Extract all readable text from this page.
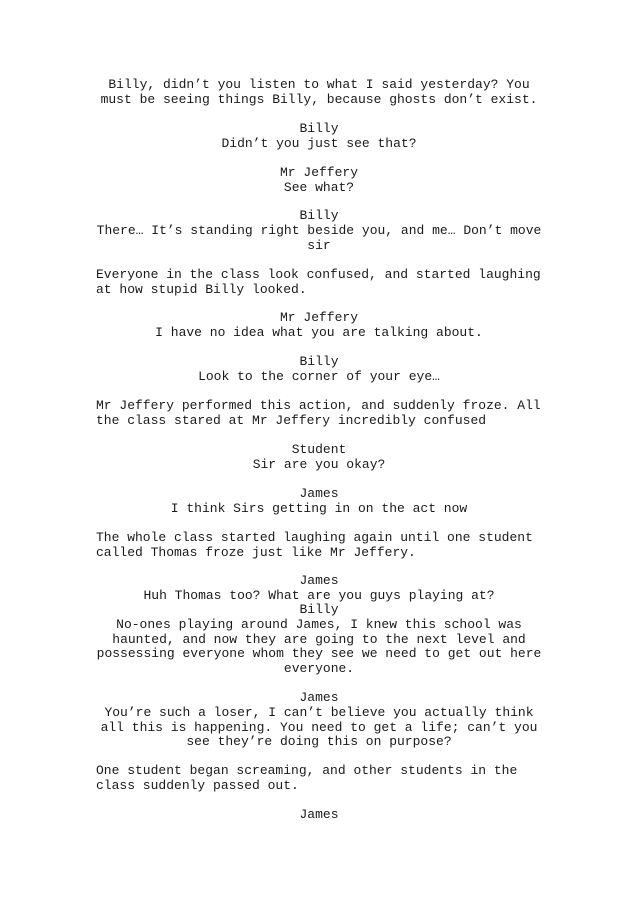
Billy, didn’t you listen to what I said yesterday? You
must be seeing things Billy, because ghosts don’t exist.
Billy
Didn’t you just see that?
Mr Jeffery
See what?
Billy
There… It’s standing right beside you, and me… Don’t move
sir
Everyone in the class look confused, and started laughing
at how stupid Billy looked.
Mr Jeffery
I have no idea what you are talking about.
Billy
Look to the corner of your eye…
Mr Jeffery performed this action, and suddenly froze. All
the class stared at Mr Jeffery incredibly confused
Student
Sir are you okay?
James
I think Sirs getting in on the act now
The whole class started laughing again until one student
called Thomas froze just like Mr Jeffery.
James
Huh Thomas too? What are you guys playing at?
Billy
No-ones playing around James, I knew this school was
haunted, and now they are going to the next level and
possessing everyone whom they see we need to get out here
everyone.
James
You’re such a loser, I can’t believe you actually think
all this is happening. You need to get a life; can’t you
see they’re doing this on purpose?
One student began screaming, and other students in the
class suddenly passed out.
James
